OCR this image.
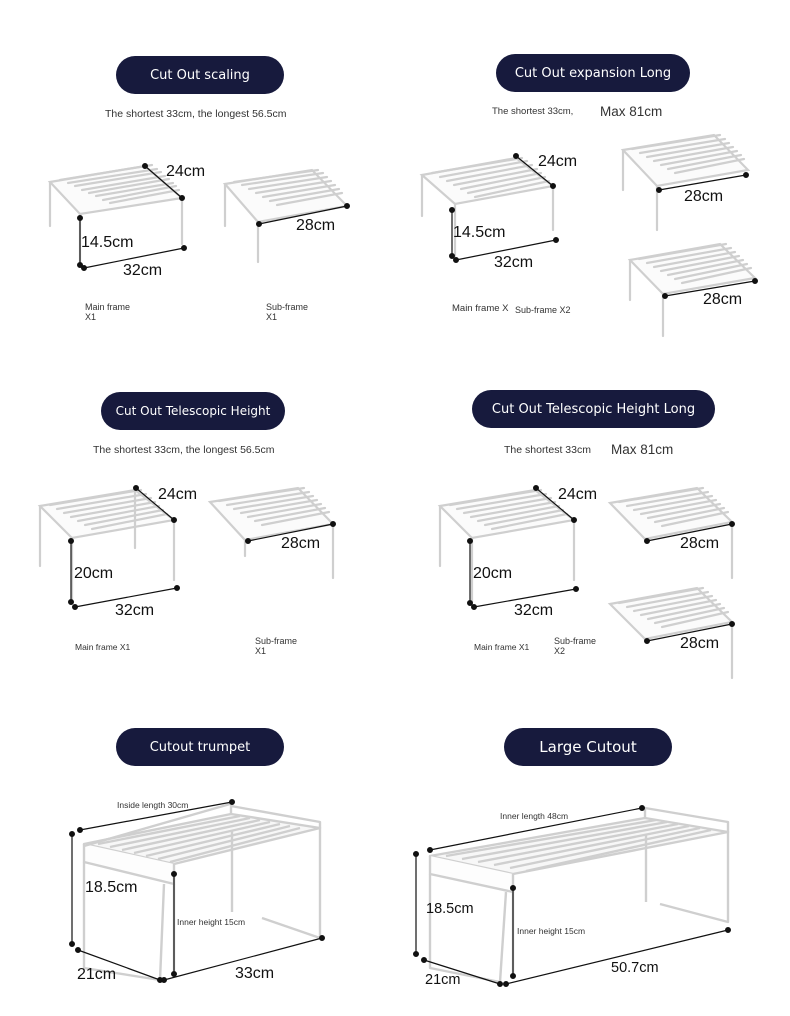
Cut Out scaling
The shortest 33cm, the longest 56.5cm
24cm
14.5cm
32cm
28cm
Main frame
X1
Sub-frame
X1
Cut Out expansion Long
The shortest 33cm, Max 81cm
24cm
14.5cm
32cm
28cm
28cm
Main frame X Sub-frame X2
Cut Out Telescopic Height
The shortest 33cm, the longest 56.5cm
24cm
20cm
32cm
28cm
Main frame X1
Sub-frame
X1
Cut Out Telescopic Height Long
The shortest 33cm Max 81cm
24cm
20cm
32cm
28cm
28cm
Main frame X1
Sub-frame
X2
Cutout trumpet
Inside length 30cm
18.5cm
Inner height 15cm
21cm	33cm
Large Cutout
Inner length 48cm
18.5cm
Inner height 15cm
21cm
50.7cm
